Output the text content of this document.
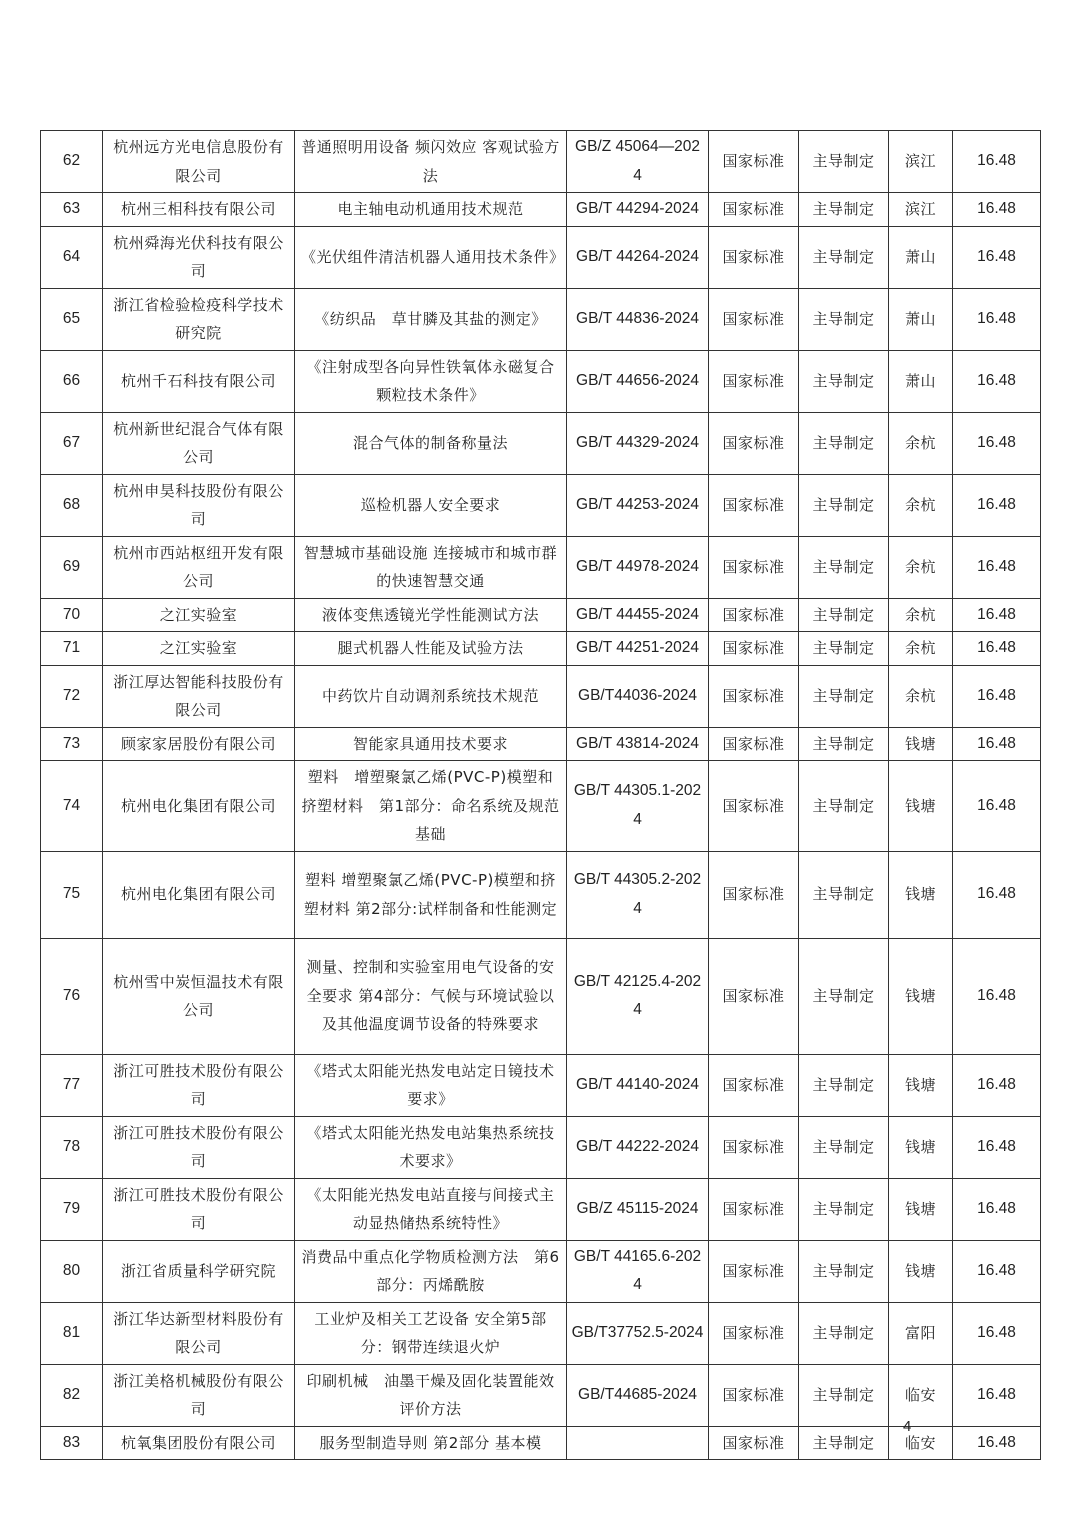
62	杭州远方光电信息股份有限公司	普通照明用设备 频闪效应 客观试验方法	GB/Z 45064—2024	国家标准	主导制定	滨江	16.48
63	杭州三相科技有限公司	电主轴电动机通用技术规范	GB/T 44294-2024	国家标准	主导制定	滨江	16.48
64	杭州舜海光伏科技有限公司	《光伏组件清洁机器人通用技术条件》	GB/T 44264-2024	国家标准	主导制定	萧山	16.48
65	浙江省检验检疫科学技术研究院	《纺织品　草甘膦及其盐的测定》	GB/T 44836-2024	国家标准	主导制定	萧山	16.48
66	杭州千石科技有限公司	《注射成型各向异性铁氧体永磁复合颗粒技术条件》	GB/T 44656-2024	国家标准	主导制定	萧山	16.48
67	杭州新世纪混合气体有限公司	混合气体的制备称量法	GB/T 44329-2024	国家标准	主导制定	余杭	16.48
68	杭州申昊科技股份有限公司	巡检机器人安全要求	GB/T 44253-2024	国家标准	主导制定	余杭	16.48
69	杭州市西站枢纽开发有限公司	智慧城市基础设施 连接城市和城市群的快速智慧交通	GB/T 44978-2024	国家标准	主导制定	余杭	16.48
70	之江实验室	液体变焦透镜光学性能测试方法	GB/T 44455-2024	国家标准	主导制定	余杭	16.48
71	之江实验室	腿式机器人性能及试验方法	GB/T 44251-2024	国家标准	主导制定	余杭	16.48
72	浙江厚达智能科技股份有限公司	中药饮片自动调剂系统技术规范	GB/T44036-2024	国家标准	主导制定	余杭	16.48
73	顾家家居股份有限公司	智能家具通用技术要求	GB/T 43814-2024	国家标准	主导制定	钱塘	16.48
74	杭州电化集团有限公司	塑料　增塑聚氯乙烯(PVC-P)模塑和挤塑材料　第1部分：命名系统及规范基础	GB/T 44305.1-2024	国家标准	主导制定	钱塘	16.48
75	杭州电化集团有限公司	塑料 增塑聚氯乙烯(PVC-P)模塑和挤塑材料 第2部分:试样制备和性能测定	GB/T 44305.2-2024	国家标准	主导制定	钱塘	16.48
76	杭州雪中炭恒温技术有限公司	测量、控制和实验室用电气设备的安全要求 第4部分：气候与环境试验以及其他温度调节设备的特殊要求	GB/T 42125.4-2024	国家标准	主导制定	钱塘	16.48
77	浙江可胜技术股份有限公司	《塔式太阳能光热发电站定日镜技术要求》	GB/T 44140-2024	国家标准	主导制定	钱塘	16.48
78	浙江可胜技术股份有限公司	《塔式太阳能光热发电站集热系统技术要求》	GB/T 44222-2024	国家标准	主导制定	钱塘	16.48
79	浙江可胜技术股份有限公司	《太阳能光热发电站直接与间接式主动显热储热系统特性》	GB/Z 45115-2024	国家标准	主导制定	钱塘	16.48
80	浙江省质量科学研究院	消费品中重点化学物质检测方法　第6部分：丙烯酰胺	GB/T 44165.6-2024	国家标准	主导制定	钱塘	16.48
81	浙江华达新型材料股份有限公司	工业炉及相关工艺设备 安全第5部分：钢带连续退火炉	GB/T37752.5-2024	国家标准	主导制定	富阳	16.48
82	浙江美格机械股份有限公司	印刷机械　油墨干燥及固化装置能效评价方法	GB/T44685-2024	国家标准	主导制定	临安	16.48
83	杭氧集团股份有限公司	服务型制造导则 第2部分 基本模		国家标准	主导制定	临安	16.48
4
